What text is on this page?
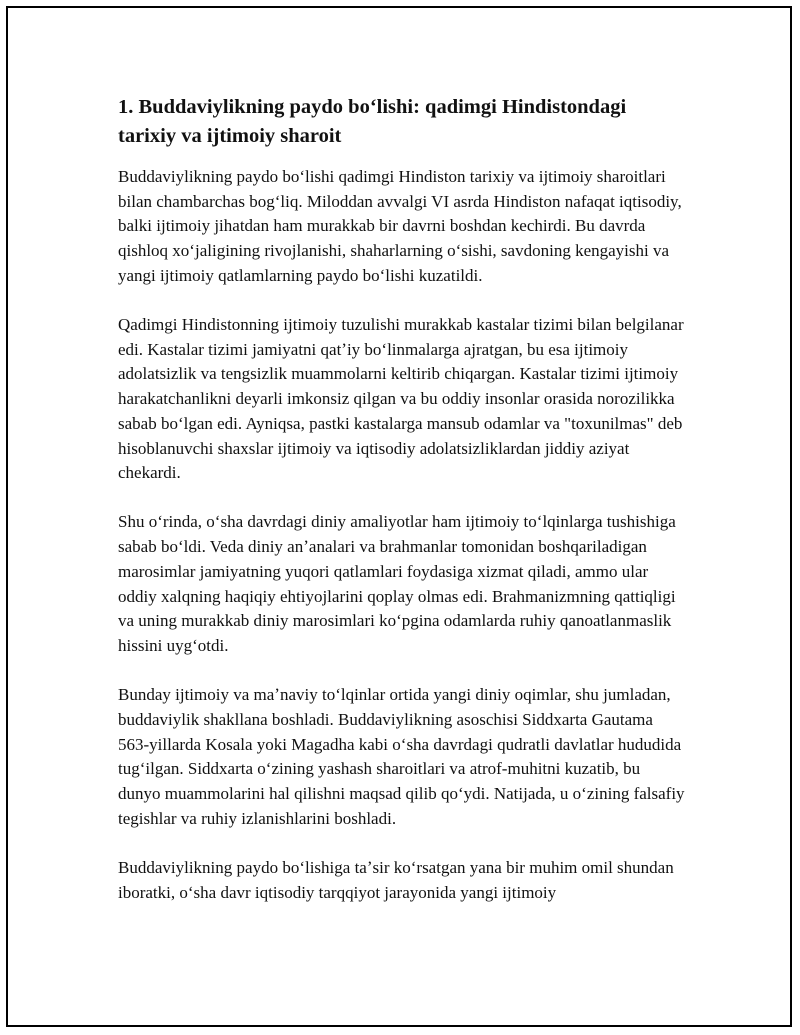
1. Buddaviylikning paydo boʻlishi: qadimgi Hindistondagi tarixiy va ijtimoiy sharoit

Buddaviylikning paydo boʻlishi qadimgi Hindiston tarixiy va ijtimoiy sharoitlari bilan chambarchas bogʻliq. Miloddan avvalgi VI asrda Hindiston nafaqat iqtisodiy, balki ijtimoiy jihatdan ham murakkab bir davrni boshdan kechirdi. Bu davrda qishloq xoʻjaligining rivojlanishi, shaharlarning oʻsishi, savdoning kengayishi va yangi ijtimoiy qatlamlarning paydo boʻlishi kuzatildi.

Qadimgi Hindistonning ijtimoiy tuzulishi murakkab kastalar tizimi bilan belgilanar edi. Kastalar tizimi jamiyatni qatʼiy boʻlinmalarga ajratgan, bu esa ijtimoiy adolatsizlik va tengsizlik muammolarni keltirib chiqargan. Kastalar tizimi ijtimoiy harakatchanlikni deyarli imkonsiz qilgan va bu oddiy insonlar orasida norozilikka sabab boʻlgan edi. Ayniqsa, pastki kastalarga mansub odamlar va "toxunilmas" deb hisoblanuvchi shaxslar ijtimoiy va iqtisodiy adolatsizliklardan jiddiy aziyat chekardi.

Shu oʻrinda, oʻsha davrdagi diniy amaliyotlar ham ijtimoiy toʻlqinlarga tushishiga sabab boʻldi. Veda diniy anʼanalari va brahmanlar tomonidan boshqariladigan marosimlar jamiyatning yuqori qatlamlari foydasiga xizmat qiladi, ammo ular oddiy xalqning haqiqiy ehtiyojlarini qoplay olmas edi. Brahmanizmning qattiqligi va uning murakkab diniy marosimlari koʻpgina odamlarda ruhiy qanoatlanmaslik hissini uygʻotdi.

Bunday ijtimoiy va maʼnaviy toʻlqinlar ortida yangi diniy oqimlar, shu jumladan, buddaviylik shakllana boshladi. Buddaviylikning asoschisi Siddxarta Gautama 563-yillarda Kosala yoki Magadha kabi oʻsha davrdagi qudratli davlatlar hududida tugʻilgan. Siddxarta oʻzining yashash sharoitlari va atrof-muhitni kuzatib, bu dunyo muammolarini hal qilishni maqsad qilib qoʻydi. Natijada, u oʻzining falsafiy tegishlar va ruhiy izlanishlarini boshladi.

Buddaviylikning paydo boʻlishiga taʼsir koʻrsatgan yana bir muhim omil shundan iboratki, oʻsha davr iqtisodiy tarqqiyot jarayonida yangi ijtimoiy
